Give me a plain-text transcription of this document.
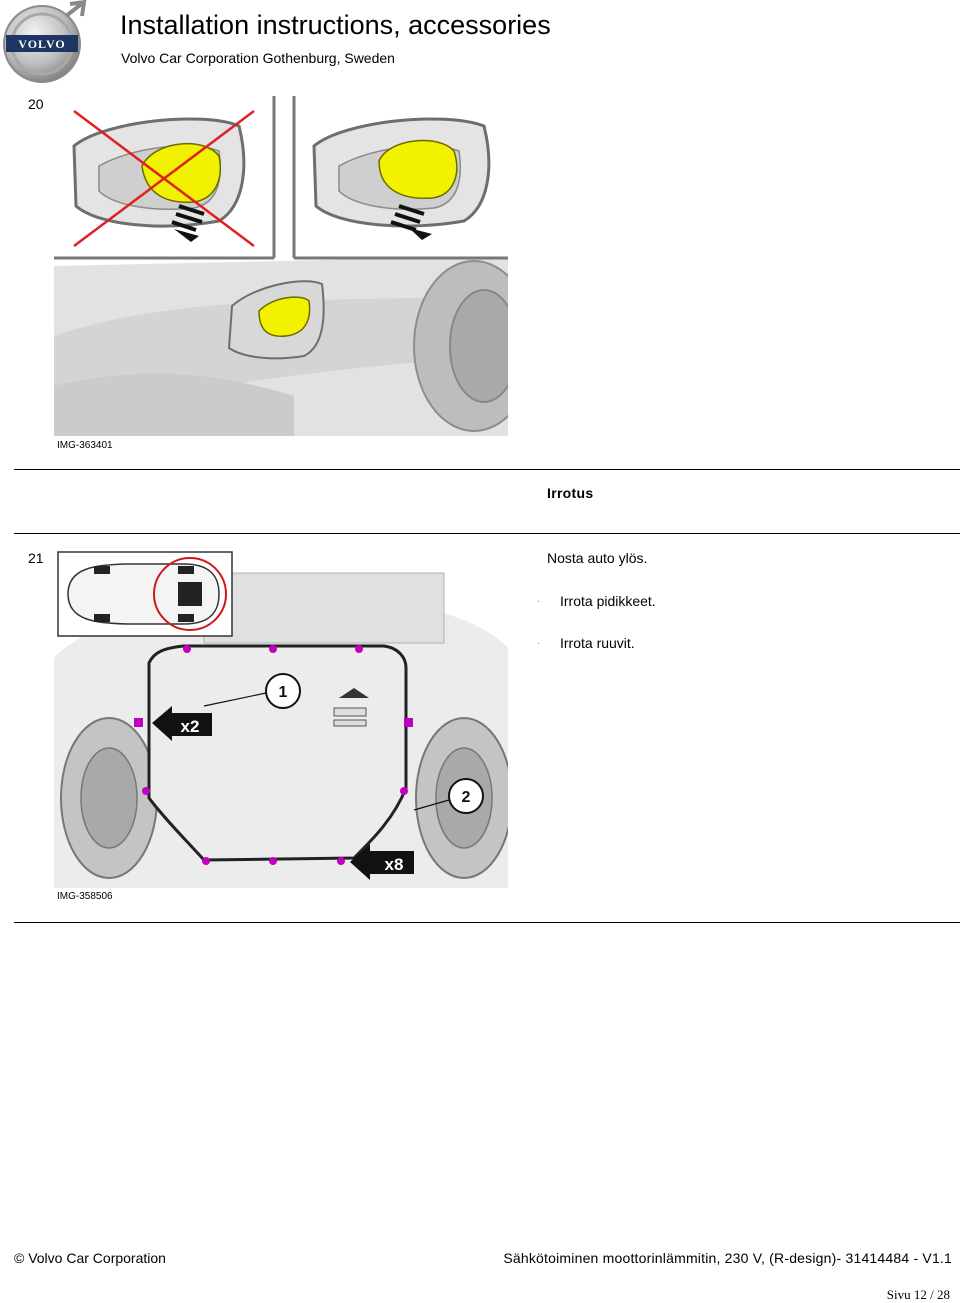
VOLVO
Installation instructions, accessories
Volvo Car Corporation Gothenburg, Sweden
20
IMG-363401
Irrotus
21
x2
x8
1
2
Nosta auto ylös.
. Irrota pidikkeet.
. Irrota ruuvit.
IMG-358506
© Volvo Car Corporation	Sähkötoiminen moottorinlämmitin, 230 V, (R-design)- 31414484 - V1.1
Sivu 12 / 28
